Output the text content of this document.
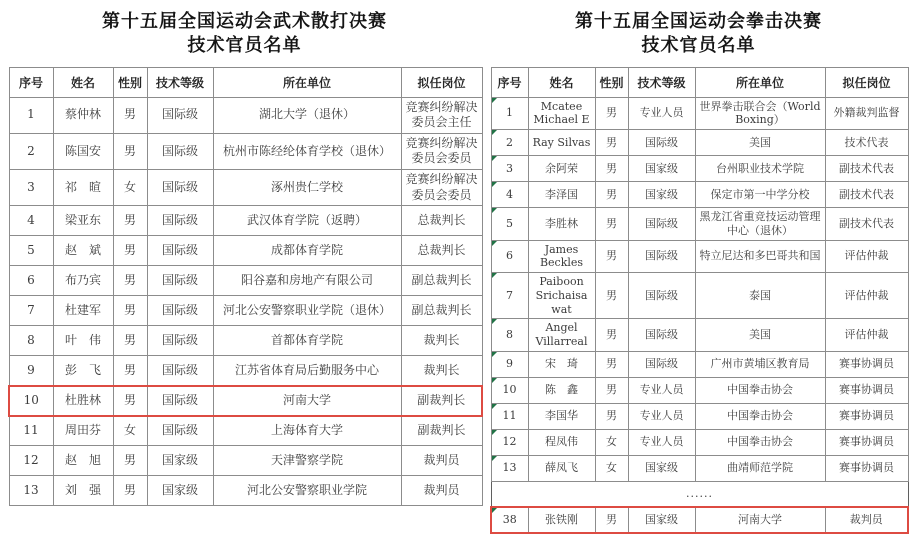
第十五届全国运动会武术散打决赛
技术官员名单
序号	姓名	性别	技术等级	所在单位	拟任岗位
1	蔡仲林	男	国际级	湖北大学（退休）	竞赛纠纷解决委员会主任
2	陈国安	男	国际级	杭州市陈经纶体育学校（退休）	竞赛纠纷解决委员会委员
3	祁　暄	女	国际级	涿州贵仁学校	竞赛纠纷解决委员会委员
4	梁亚东	男	国际级	武汉体育学院（返聘）	总裁判长
5	赵　斌	男	国际级	成都体育学院	总裁判长
6	布乃宾	男	国际级	阳谷嘉和房地产有限公司	副总裁判长
7	杜建军	男	国际级	河北公安警察职业学院（退休）	副总裁判长
8	叶　伟	男	国际级	首都体育学院	裁判长
9	彭　飞	男	国际级	江苏省体育局后勤服务中心	裁判长
10	杜胜林	男	国际级	河南大学	副裁判长
11	周田芬	女	国际级	上海体育大学	副裁判长
12	赵　旭	男	国家级	天津警察学院	裁判员
13	刘　强	男	国家级	河北公安警察职业学院	裁判员
第十五届全国运动会拳击决赛
技术官员名单
序号	姓名	性别	技术等级	所在单位	拟任岗位
1	Mcatee Michael E	男	专业人员	世界拳击联合会（World Boxing）	外籍裁判监督
2	Ray Silvas	男	国际级	美国	技术代表
3	余阿荣	男	国家级	台州职业技术学院	副技术代表
4	李泽国	男	国家级	保定市第一中学分校	副技术代表
5	李胜林	男	国际级	黑龙江省重竞技运动管理中心（退休）	副技术代表
6	James Beckles	男	国际级	特立尼达和多巴哥共和国	评估仲裁
7	Paiboon Srichaisawat	男	国际级	泰国	评估仲裁
8	Angel Villarreal	男	国际级	美国	评估仲裁
9	宋　琦	男	国际级	广州市黄埔区教育局	赛事协调员
10	陈　鑫	男	专业人员	中国拳击协会	赛事协调员
11	李国华	男	专业人员	中国拳击协会	赛事协调员
12	程凤伟	女	专业人员	中国拳击协会	赛事协调员
13	薛凤飞	女	国家级	曲靖师范学院	赛事协调员
......					
38	张铁刚	男	国家级	河南大学	裁判员
